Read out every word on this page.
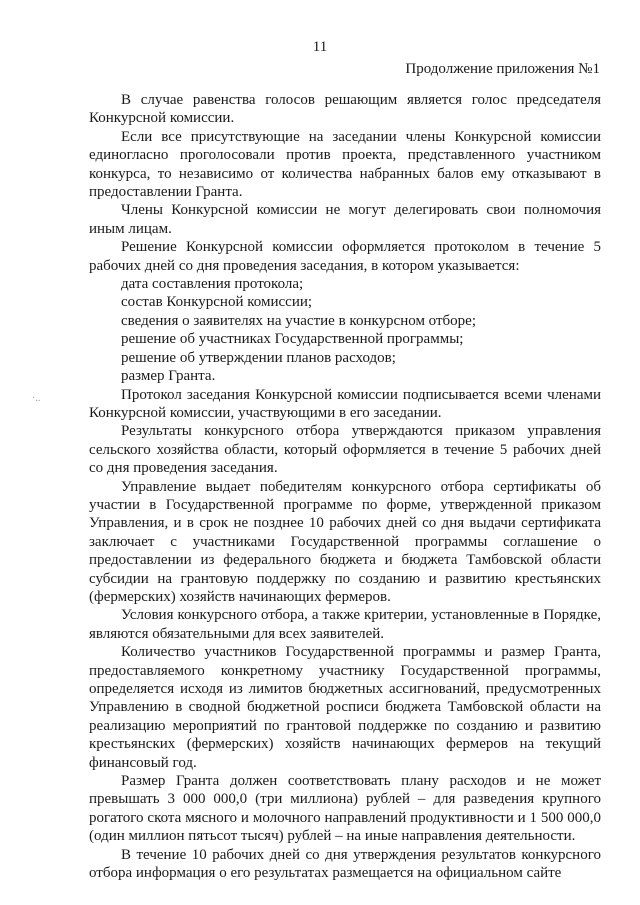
11
Продолжение приложения №1
·..

В случае равенства голосов решающим является голос председателя Конкурсной комиссии.

Если все присутствующие на заседании члены Конкурсной комиссии единогласно проголосовали против проекта, представленного участником конкурса, то независимо от количества набранных балов ему отказывают в предоставлении Гранта.

Члены Конкурсной комиссии не могут делегировать свои полномочия иным лицам.

Решение Конкурсной комиссии оформляется протоколом в течение 5 рабочих дней со дня проведения заседания, в котором указывается:

дата составления протокола;

состав Конкурсной комиссии;

сведения о заявителях на участие в конкурсном отборе;

решение об участниках Государственной программы;

решение об утверждении планов расходов;

размер Гранта.

Протокол заседания Конкурсной комиссии подписывается всеми членами Конкурсной комиссии, участвующими в его заседании.

Результаты конкурсного отбора утверждаются приказом управления сельского хозяйства области, который оформляется в течение 5 рабочих дней со дня проведения заседания.

Управление выдает победителям конкурсного отбора сертификаты об участии в Государственной программе по форме, утвержденной приказом Управления, и в срок не позднее 10 рабочих дней со дня выдачи сертификата заключает с участниками Государственной программы соглашение о предоставлении из федерального бюджета и бюджета Тамбовской области субсидии на грантовую поддержку по созданию и развитию крестьянских (фермерских) хозяйств начинающих фермеров.

Условия конкурсного отбора, а также критерии, установленные в Порядке, являются обязательными для всех заявителей.

Количество участников Государственной программы и размер Гранта, предоставляемого конкретному участнику Государственной программы, определяется исходя из лимитов бюджетных ассигнований, предусмотренных Управлению в сводной бюджетной росписи бюджета Тамбовской области на реализацию мероприятий по грантовой поддержке по созданию и развитию крестьянских (фермерских) хозяйств начинающих фермеров на текущий финансовый год.

Размер Гранта должен соответствовать плану расходов и не может превышать 3 000 000,0 (три миллиона) рублей – для разведения крупного рогатого скота мясного и молочного направлений продуктивности и 1 500 000,0 (один миллион пятьсот тысяч) рублей – на иные направления деятельности.

В течение 10 рабочих дней со дня утверждения результатов конкурсного отбора информация о его результатах размещается на официальном сайте
